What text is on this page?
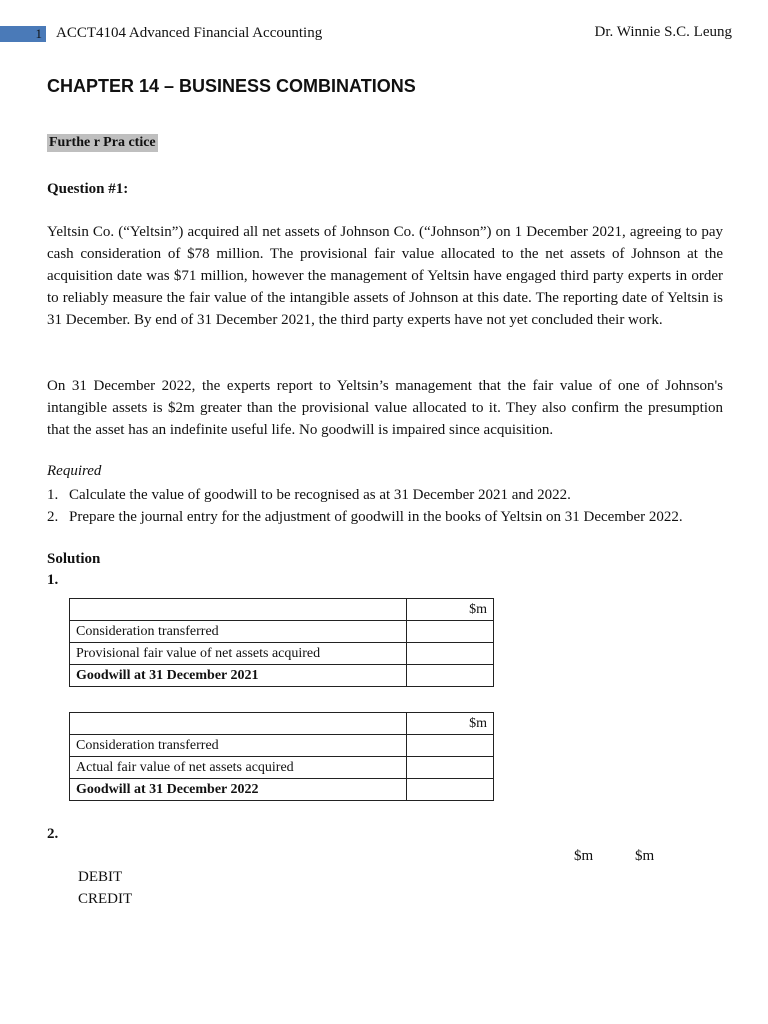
1 ACCT4104 Advanced Financial Accounting	Dr. Winnie S.C. Leung
CHAPTER 14 – BUSINESS COMBINATIONS
Furthe r Pra ctice
Question #1:

Yeltsin Co. (“Yeltsin”) acquired all net assets of Johnson Co. (“Johnson”) on 1 December 2021, agreeing to pay cash consideration of $78 million. The provisional fair value allocated to the net assets of Johnson at the acquisition date was $71 million, however the management of Yeltsin have engaged third party experts in order to reliably measure the fair value of the intangible assets of Johnson at this date. The reporting date of Yeltsin is 31 December. By end of 31 December 2021, the third party experts have not yet concluded their work.

On 31 December 2022, the experts report to Yeltsin’s management that the fair value of one of Johnson's intangible assets is $2m greater than the provisional value allocated to it. They also confirm the presumption that the asset has an indefinite useful life. No goodwill is impaired since acquisition.

Required
1. Calculate the value of goodwill to be recognised as at 31 December 2021 and 2022.
2. Prepare the journal entry for the adjustment of goodwill in the books of Yeltsin on 31 December 2022.
Solution
1.
	$m
Consideration transferred	
Provisional fair value of net assets acquired	
Goodwill at 31 December 2021	
	$m
Consideration transferred	
Actual fair value of net assets acquired	
Goodwill at 31 December 2022	
2.
$m	$m
DEBIT
CREDIT
